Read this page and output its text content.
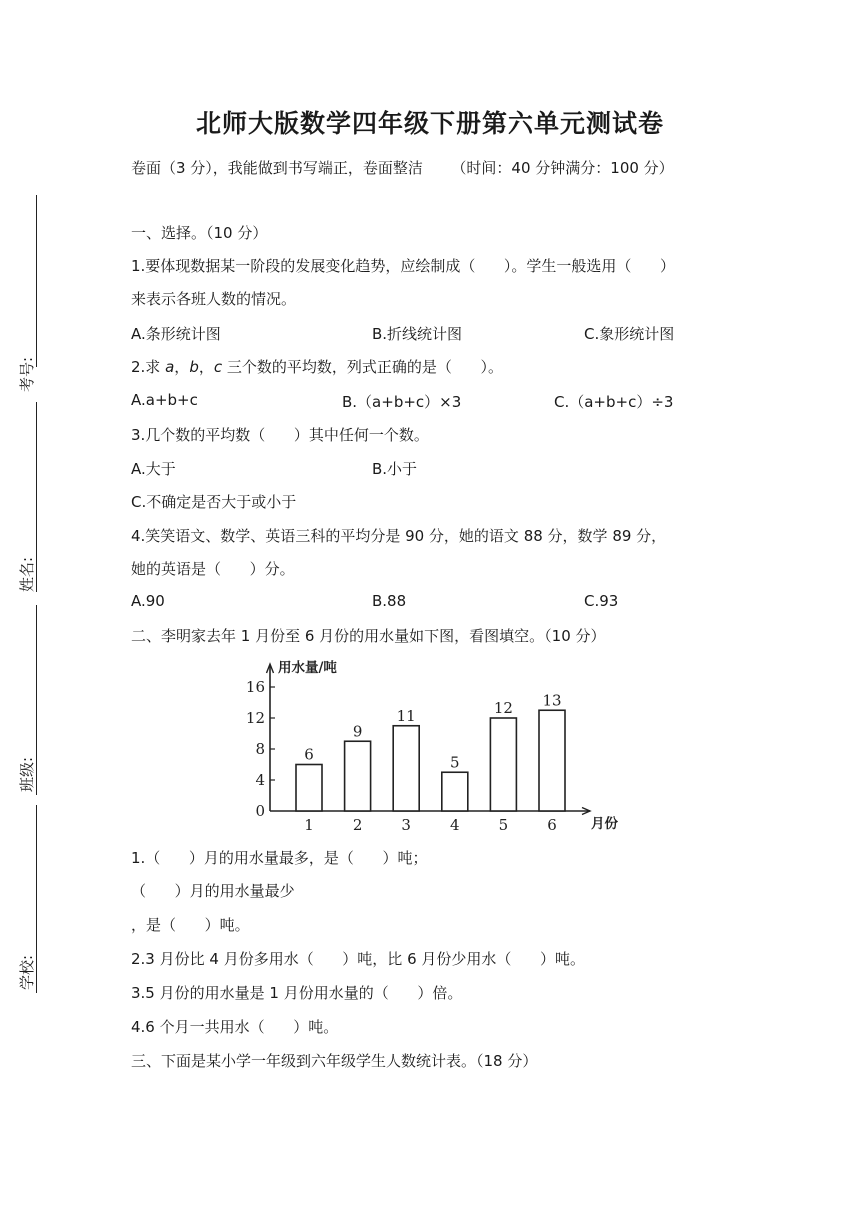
考号:
姓名:
班级:
学校:
北师大版数学四年级下册第六单元测试卷
卷面（3 分），我能做到书写端正，卷面整洁      （时间：40 分钟满分：100 分）
一、选择。（10 分）
1.要体现数据某一阶段的发展变化趋势，应绘制成（      ）。学生一般选用（      ）
来表示各班人数的情况。
A.条形统计图	B.折线统计图	C.象形统计图
2.求 a，b，c 三个数的平均数，列式正确的是（      ）。
A.a+b+c	B.（a+b+c）×3	C.（a+b+c）÷3
3.几个数的平均数（      ）其中任何一个数。
A.大于	B.小于
C.不确定是否大于或小于
4.笑笑语文、数学、英语三科的平均分是 90 分，她的语文 88 分，数学 89 分，
她的英语是（      ）分。
A.90	B.88	C.93
二、李明家去年 1 月份至 6 月份的用水量如下图，看图填空。（10 分）
0
4
8
12
16
用水量/吨
月份
6
1
9
2
11
3
5
4
12
5
13
6
1.（      ）月的用水量最多，是（      ）吨；
（      ）月的用水量最少
，是（      ）吨。
2.3 月份比 4 月份多用水（      ）吨，比 6 月份少用水（      ）吨。
3.5 月份的用水量是 1 月份用水量的（      ）倍。
4.6 个月一共用水（      ）吨。
三、下面是某小学一年级到六年级学生人数统计表。（18 分）
